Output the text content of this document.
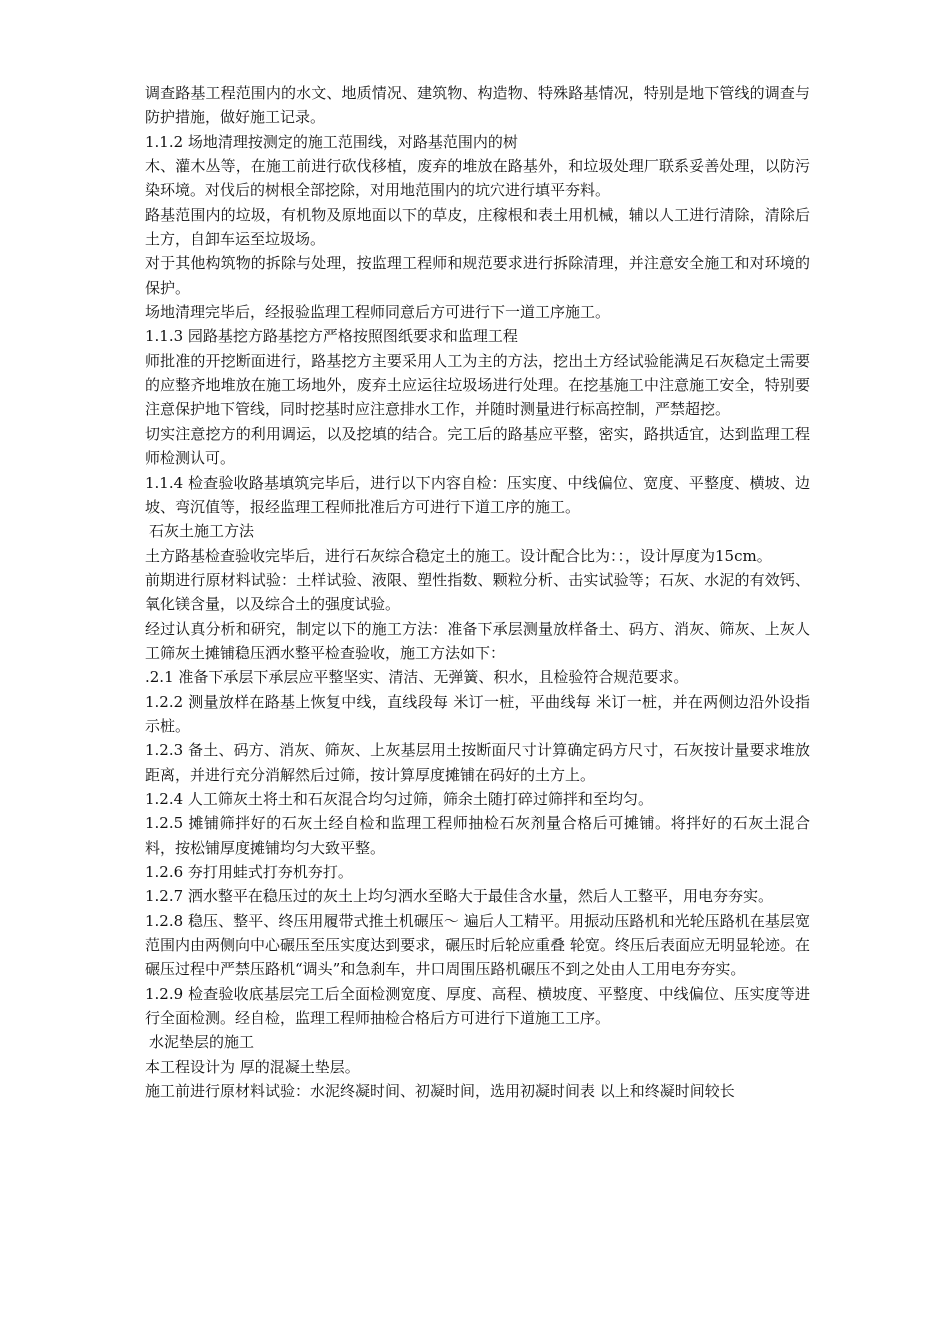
调查路基工程范围内的水文、地质情况、建筑物、构造物、特殊路基情况，特别是地下管线的调查与防护措施，做好施工记录。

1.1.2 场地清理按测定的施工范围线，对路基范围内的树

木、灌木丛等，在施工前进行砍伐移植，废弃的堆放在路基外，和垃圾处理厂联系妥善处理，以防污染环境。对伐后的树根全部挖除，对用地范围内的坑穴进行填平夯料。

路基范围内的垃圾，有机物及原地面以下的草皮，庄稼根和表土用机械，辅以人工进行清除，清除后土方，自卸车运至垃圾场。

对于其他构筑物的拆除与处理，按监理工程师和规范要求进行拆除清理，并注意安全施工和对环境的保护。

场地清理完毕后，经报验监理工程师同意后方可进行下一道工序施工。

1.1.3 园路基挖方路基挖方严格按照图纸要求和监理工程

师批准的开挖断面进行，路基挖方主要采用人工为主的方法，挖出土方经试验能满足石灰稳定土需要的应整齐地堆放在施工场地外，废弃土应运往垃圾场进行处理。在挖基施工中注意施工安全，特别要注意保护地下管线，同时挖基时应注意排水工作，并随时测量进行标高控制，严禁超挖。

切实注意挖方的利用调运，以及挖填的结合。完工后的路基应平整，密实，路拱适宜，达到监理工程师检测认可。

1.1.4 检查验收路基填筑完毕后，进行以下内容自检：压实度、中线偏位、宽度、平整度、横坡、边坡、弯沉值等，报经监理工程师批准后方可进行下道工序的施工。

石灰土施工方法

土方路基检查验收完毕后，进行石灰综合稳定土的施工。设计配合比为：：，设计厚度为15cm。

前期进行原材料试验：土样试验、液限、塑性指数、颗粒分析、击实试验等；石灰、水泥的有效钙、氧化镁含量，以及综合土的强度试验。

经过认真分析和研究，制定以下的施工方法：准备下承层测量放样备土、码方、消灰、筛灰、上灰人工筛灰土摊铺稳压洒水整平检查验收，施工方法如下：

.2.1 准备下承层下承层应平整坚实、清洁、无弹簧、积水，且检验符合规范要求。

1.2.2 测量放样在路基上恢复中线，直线段每 米订一桩，平曲线每 米订一桩，并在两侧边沿外设指示桩。

1.2.3 备土、码方、消灰、筛灰、上灰基层用土按断面尺寸计算确定码方尺寸，石灰按计量要求堆放距离，并进行充分消解然后过筛，按计算厚度摊铺在码好的土方上。

1.2.4 人工筛灰土将土和石灰混合均匀过筛，筛余土随打碎过筛拌和至均匀。

1.2.5 摊铺筛拌好的石灰土经自检和监理工程师抽检石灰剂量合格后可摊铺。将拌好的石灰土混合料，按松铺厚度摊铺均匀大致平整。

1.2.6 夯打用蛙式打夯机夯打。

1.2.7 洒水整平在稳压过的灰土上均匀洒水至略大于最佳含水量，然后人工整平，用电夯夯实。

1.2.8 稳压、整平、终压用履带式推土机碾压～ 遍后人工精平。用振动压路机和光轮压路机在基层宽范围内由两侧向中心碾压至压实度达到要求，碾压时后轮应重叠 轮宽。终压后表面应无明显轮迹。在碾压过程中严禁压路机“调头”和急刹车，井口周围压路机碾压不到之处由人工用电夯夯实。

1.2.9 检查验收底基层完工后全面检测宽度、厚度、高程、横坡度、平整度、中线偏位、压实度等进行全面检测。经自检，监理工程师抽检合格后方可进行下道施工工序。

水泥垫层的施工

本工程设计为 厚的混凝土垫层。

施工前进行原材料试验：水泥终凝时间、初凝时间，选用初凝时间表 以上和终凝时间较长
